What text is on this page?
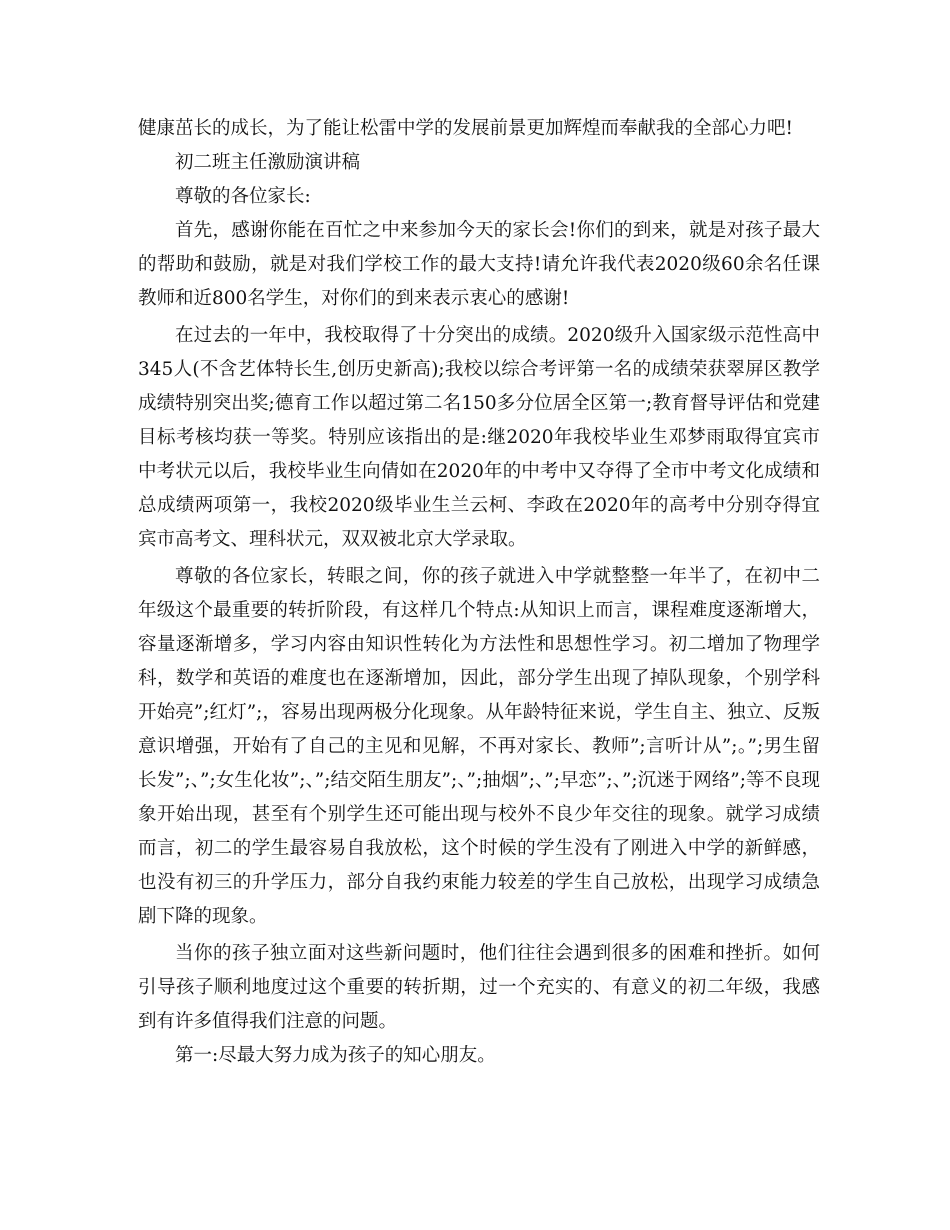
健康茁长的成长，为了能让松雷中学的发展前景更加辉煌而奉献我的全部心力吧!

初二班主任激励演讲稿

尊敬的各位家长:

首先，感谢你能在百忙之中来参加今天的家长会!你们的到来，就是对孩子最大的帮助和鼓励，就是对我们学校工作的最大支持!请允许我代表2020级60余名任课教师和近800名学生，对你们的到来表示衷心的感谢!

在过去的一年中，我校取得了十分突出的成绩。2020级升入国家级示范性高中345人(不含艺体特长生,创历史新高);我校以综合考评第一名的成绩荣获翠屏区教学成绩特别突出奖;德育工作以超过第二名150多分位居全区第一;教育督导评估和党建目标考核均获一等奖。特别应该指出的是:继2020年我校毕业生邓梦雨取得宜宾市中考状元以后，我校毕业生向倩如在2020年的中考中又夺得了全市中考文化成绩和总成绩两项第一，我校2020级毕业生兰云柯、李政在2020年的高考中分别夺得宜宾市高考文、理科状元，双双被北京大学录取。

尊敬的各位家长，转眼之间，你的孩子就进入中学就整整一年半了，在初中二年级这个最重要的转折阶段，有这样几个特点:从知识上而言，课程难度逐渐增大，容量逐渐增多，学习内容由知识性转化为方法性和思想性学习。初二增加了物理学科，数学和英语的难度也在逐渐增加，因此，部分学生出现了掉队现象，个别学科开始亮”;红灯”;，容易出现两极分化现象。从年龄特征来说，学生自主、独立、反叛意识增强，开始有了自己的主见和见解，不再对家长、教师”;言听计从”;。”;男生留长发”;、”;女生化妆”;、”;结交陌生朋友”;、”;抽烟”;、”;早恋”;、”;沉迷于网络”;等不良现象开始出现，甚至有个别学生还可能出现与校外不良少年交往的现象。就学习成绩而言，初二的学生最容易自我放松，这个时候的学生没有了刚进入中学的新鲜感，也没有初三的升学压力，部分自我约束能力较差的学生自己放松，出现学习成绩急剧下降的现象。

当你的孩子独立面对这些新问题时，他们往往会遇到很多的困难和挫折。如何引导孩子顺利地度过这个重要的转折期，过一个充实的、有意义的初二年级，我感到有许多值得我们注意的问题。

第一:尽最大努力成为孩子的知心朋友。
